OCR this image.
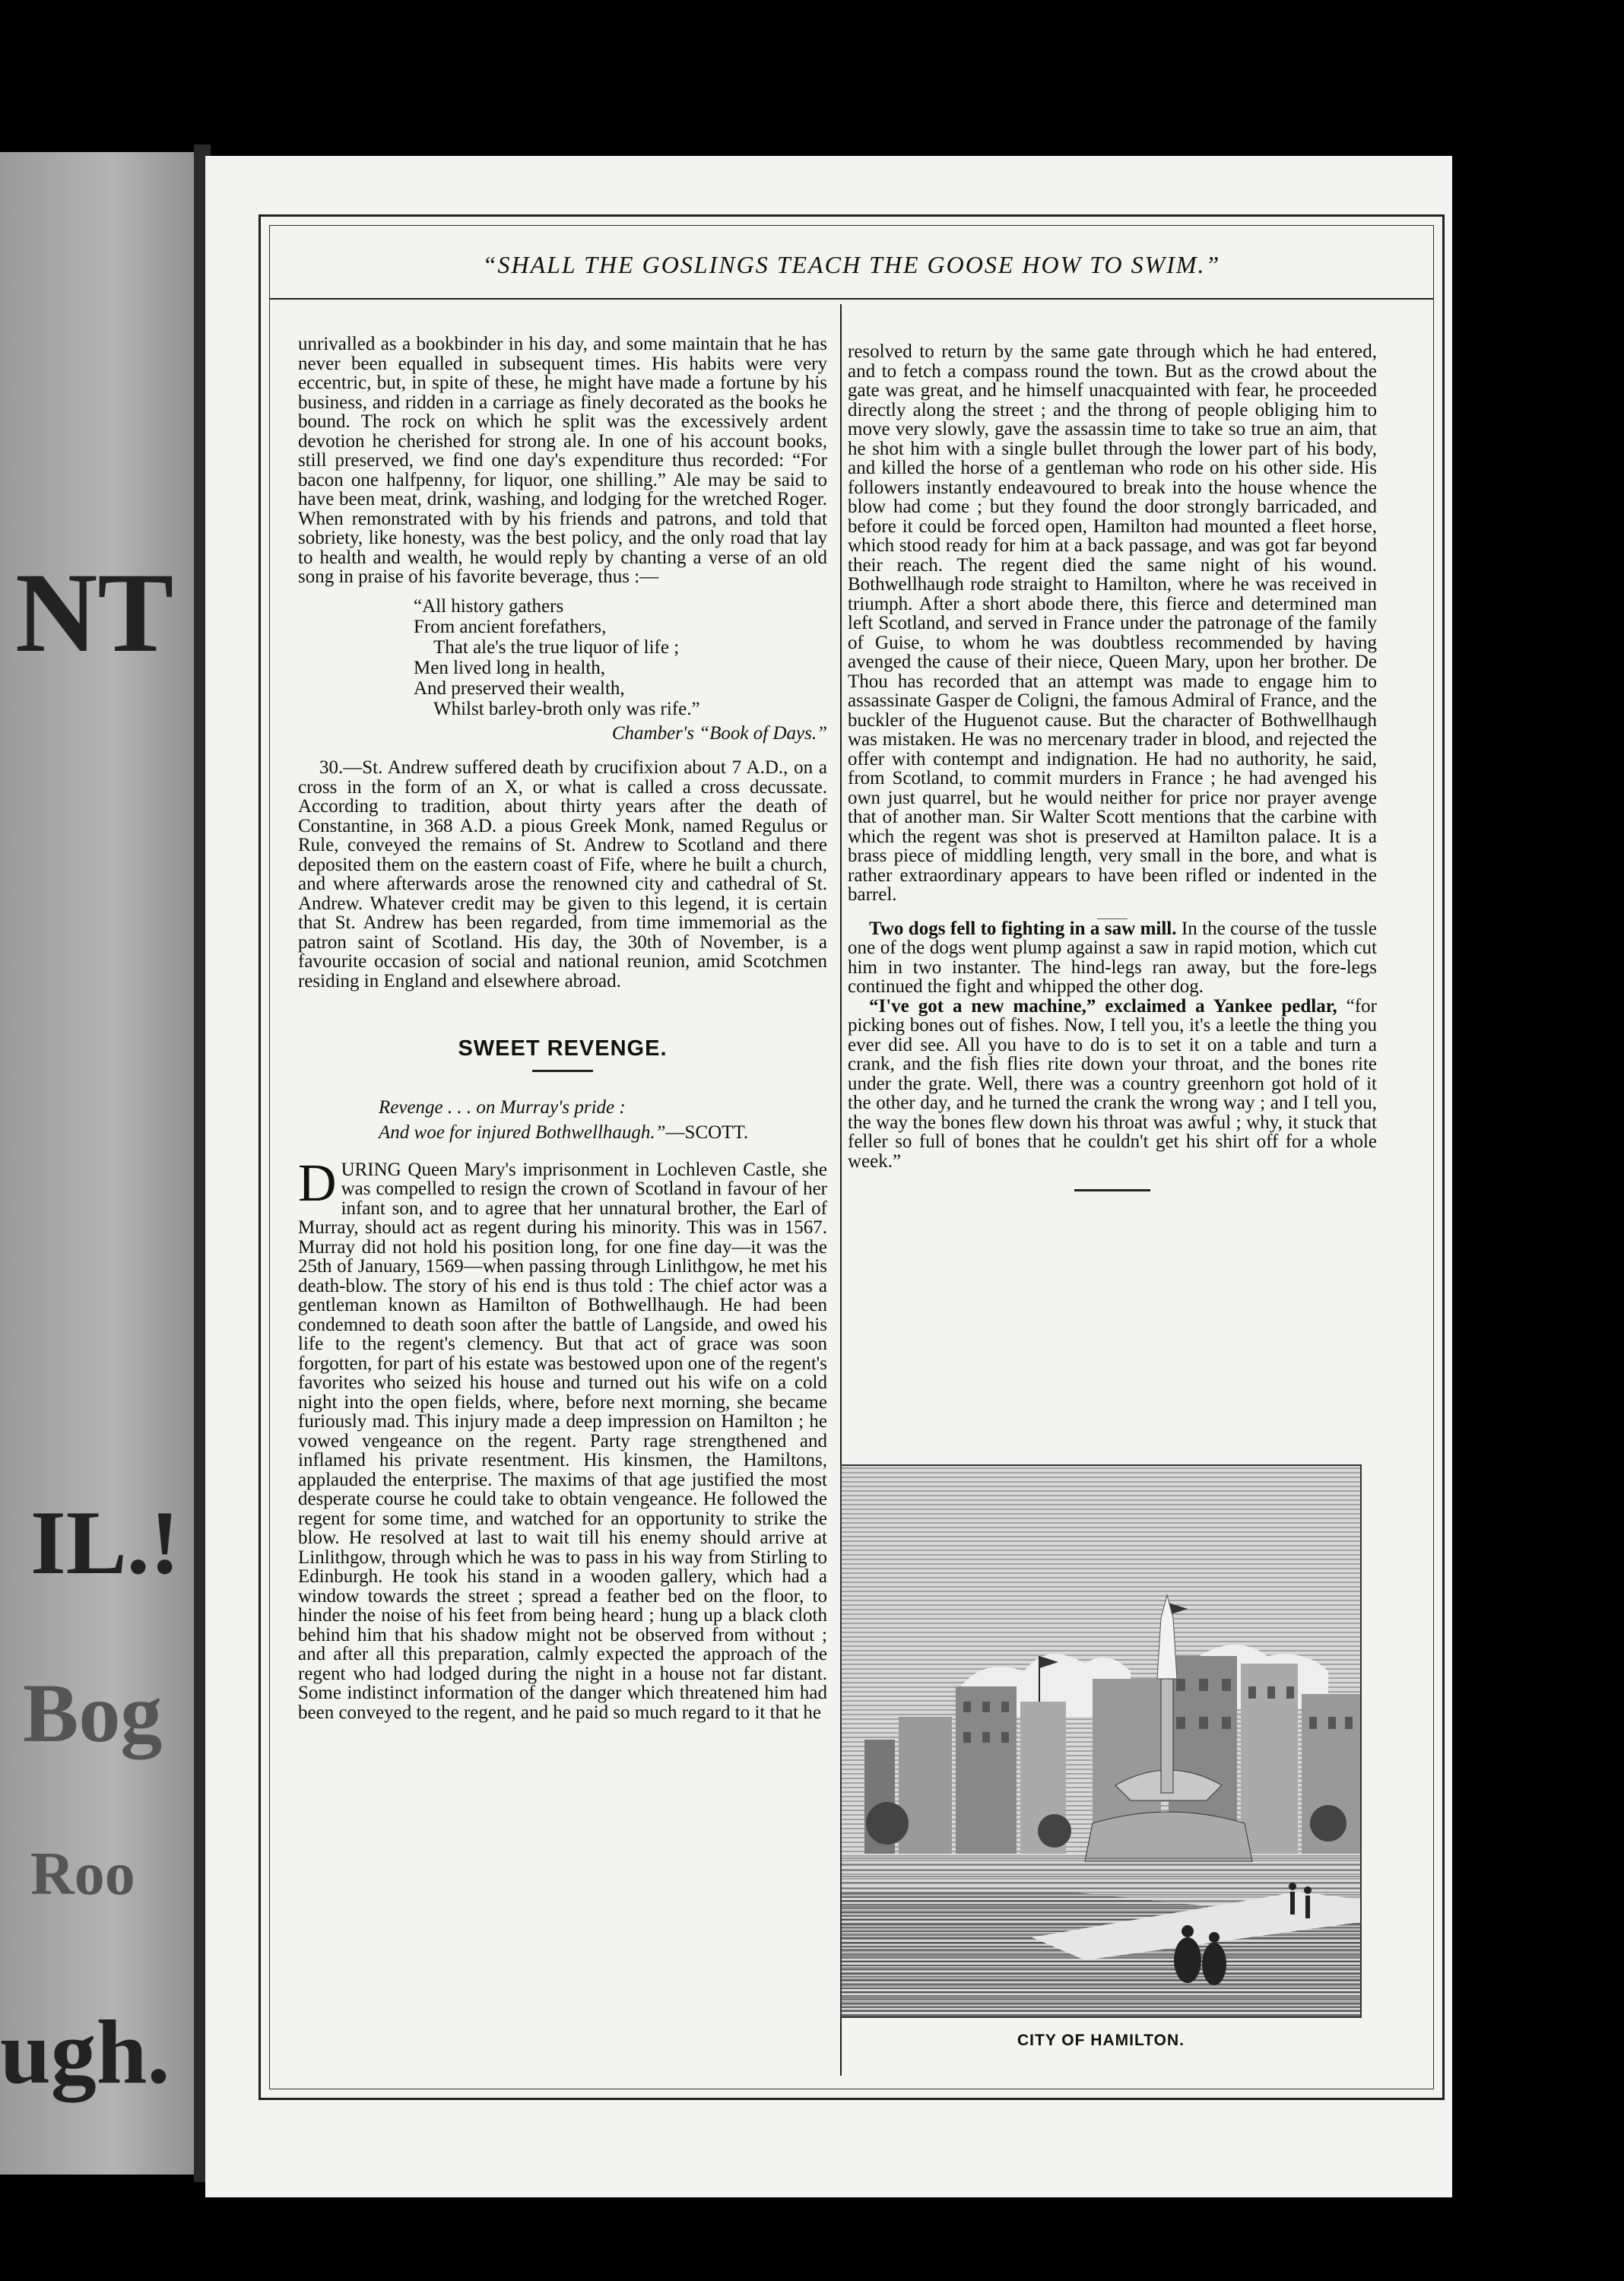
NT
IL.!
Bog
Roo
ugh.
“SHALL THE GOSLINGS TEACH THE GOOSE HOW TO SWIM.”

unrivalled as a bookbinder in his day, and some maintain that he has never been equalled in subsequent times. His habits were very eccentric, but, in spite of these, he might have made a fortune by his business, and ridden in a carriage as finely decorated as the books he bound. The rock on which he split was the excessively ardent devotion he cherished for strong ale. In one of his account books, still preserved, we find one day's expenditure thus recorded: “For bacon one halfpenny, for liquor, one shilling.” Ale may be said to have been meat, drink, washing, and lodging for the wretched Roger. When remonstrated with by his friends and patrons, and told that sobriety, like honesty, was the best policy, and the only road that lay to health and wealth, he would reply by chanting a verse of an old song in praise of his favorite beverage, thus :—

“All history gathers
From ancient forefathers,
That ale's the true liquor of life ;
Men lived long in health,
And preserved their wealth,
Whilst barley-broth only was rife.”
Chamber's “Book of Days.”

30.—St. Andrew suffered death by crucifixion about 7 A.D., on a cross in the form of an X, or what is called a cross decussate. According to tradition, about thirty years after the death of Constantine, in 368 A.D. a pious Greek Monk, named Regulus or Rule, conveyed the remains of St. Andrew to Scotland and there deposited them on the eastern coast of Fife, where he built a church, and where afterwards arose the renowned city and cathedral of St. Andrew. Whatever credit may be given to this legend, it is certain that St. Andrew has been regarded, from time immemorial as the patron saint of Scotland. His day, the 30th of November, is a favourite occasion of social and national reunion, amid Scotchmen residing in England and elsewhere abroad.

SWEET REVENGE.
Revenge . . . on Murray's pride :
And woe for injured Bothwellhaugh.”—SCOTT.

DURING Queen Mary's imprisonment in Lochleven Castle, she was compelled to resign the crown of Scotland in favour of her infant son, and to agree that her unnatural brother, the Earl of Murray, should act as regent during his minority. This was in 1567. Murray did not hold his position long, for one fine day—it was the 25th of January, 1569—when passing through Linlithgow, he met his death-blow. The story of his end is thus told : The chief actor was a gentleman known as Hamilton of Bothwellhaugh. He had been condemned to death soon after the battle of Langside, and owed his life to the regent's clemency. But that act of grace was soon forgotten, for part of his estate was bestowed upon one of the regent's favorites who seized his house and turned out his wife on a cold night into the open fields, where, before next morning, she became furiously mad. This injury made a deep impression on Hamilton ; he vowed vengeance on the regent. Party rage strengthened and inflamed his private resentment. His kinsmen, the Hamiltons, applauded the enterprise. The maxims of that age justified the most desperate course he could take to obtain vengeance. He followed the regent for some time, and watched for an opportunity to strike the blow. He resolved at last to wait till his enemy should arrive at Linlithgow, through which he was to pass in his way from Stirling to Edinburgh. He took his stand in a wooden gallery, which had a window towards the street ; spread a feather bed on the floor, to hinder the noise of his feet from being heard ; hung up a black cloth behind him that his shadow might not be observed from without ; and after all this preparation, calmly expected the approach of the regent who had lodged during the night in a house not far distant. Some indistinct information of the danger which threatened him had been conveyed to the regent, and he paid so much regard to it that he

resolved to return by the same gate through which he had entered, and to fetch a compass round the town. But as the crowd about the gate was great, and he himself unacquainted with fear, he proceeded directly along the street ; and the throng of people obliging him to move very slowly, gave the assassin time to take so true an aim, that he shot him with a single bullet through the lower part of his body, and killed the horse of a gentleman who rode on his other side. His followers instantly endeavoured to break into the house whence the blow had come ; but they found the door strongly barricaded, and before it could be forced open, Hamilton had mounted a fleet horse, which stood ready for him at a back passage, and was got far beyond their reach. The regent died the same night of his wound. Bothwellhaugh rode straight to Hamilton, where he was received in triumph. After a short abode there, this fierce and determined man left Scotland, and served in France under the patronage of the family of Guise, to whom he was doubtless recommended by having avenged the cause of their niece, Queen Mary, upon her brother. De Thou has recorded that an attempt was made to engage him to assassinate Gasper de Coligni, the famous Admiral of France, and the buckler of the Huguenot cause. But the character of Bothwellhaugh was mistaken. He was no mercenary trader in blood, and rejected the offer with contempt and indignation. He had no authority, he said, from Scotland, to commit murders in France ; he had avenged his own just quarrel, but he would neither for price nor prayer avenge that of another man. Sir Walter Scott mentions that the carbine with which the regent was shot is preserved at Hamilton palace. It is a brass piece of middling length, very small in the bore, and what is rather extraordinary appears to have been rifled or indented in the barrel.

Two dogs fell to fighting in a saw mill. In the course of the tussle one of the dogs went plump against a saw in rapid motion, which cut him in two instanter. The hind-legs ran away, but the fore-legs continued the fight and whipped the other dog.

“I've got a new machine,” exclaimed a Yankee pedlar, “for picking bones out of fishes. Now, I tell you, it's a leetle the thing you ever did see. All you have to do is to set it on a table and turn a crank, and the fish flies rite down your throat, and the bones rite under the grate. Well, there was a country greenhorn got hold of it the other day, and he turned the crank the wrong way ; and I tell you, the way the bones flew down his throat was awful ; why, it stuck that feller so full of bones that he couldn't get his shirt off for a whole week.”

CITY OF HAMILTON.
